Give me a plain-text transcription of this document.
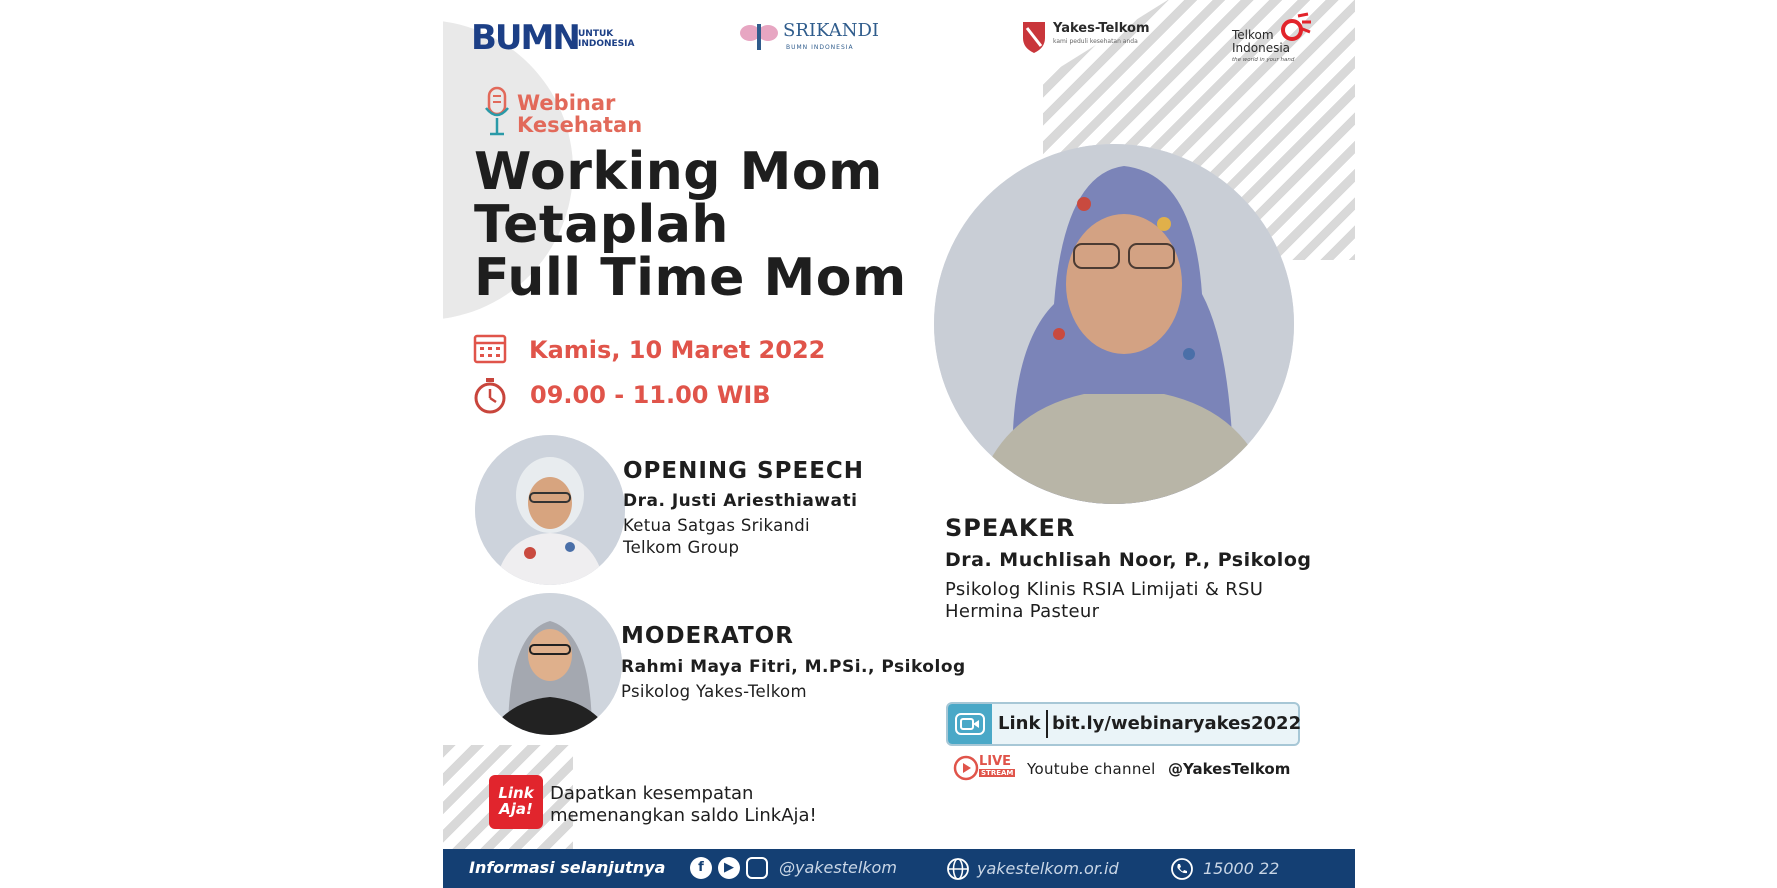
BUMN UNTUK INDONESIA
SRIKANDI
BUMN INDONESIA
Yakes-Telkom
kami peduli kesehatan anda	Telkom
Indonesia
the world in your hand
Webinar
Kesehatan
Working Mom
Tetaplah
Full Time Mom
Kamis, 10 Maret 2022
09.00 - 11.00 WIB
OPENING SPEECH
Dra. Justi Ariesthiawati
Ketua Satgas Srikandi
Telkom Group
MODERATOR
Rahmi Maya Fitri, M.PSi., Psikolog
Psikolog Yakes-Telkom
SPEAKER
Dra. Muchlisah Noor, P., Psikolog
Psikolog Klinis RSIA Limijati & RSU
Hermina Pasteur
Link bit.ly/webinaryakes2022
LIVE
STREAM Youtube channel @YakesTelkom
Link
Aja!
Dapatkan kesempatan
memenangkan saldo LinkAja!
Informasi selanjutnya	f	▶	@yakestelkom	yakestelkom.or.id	15000 22
